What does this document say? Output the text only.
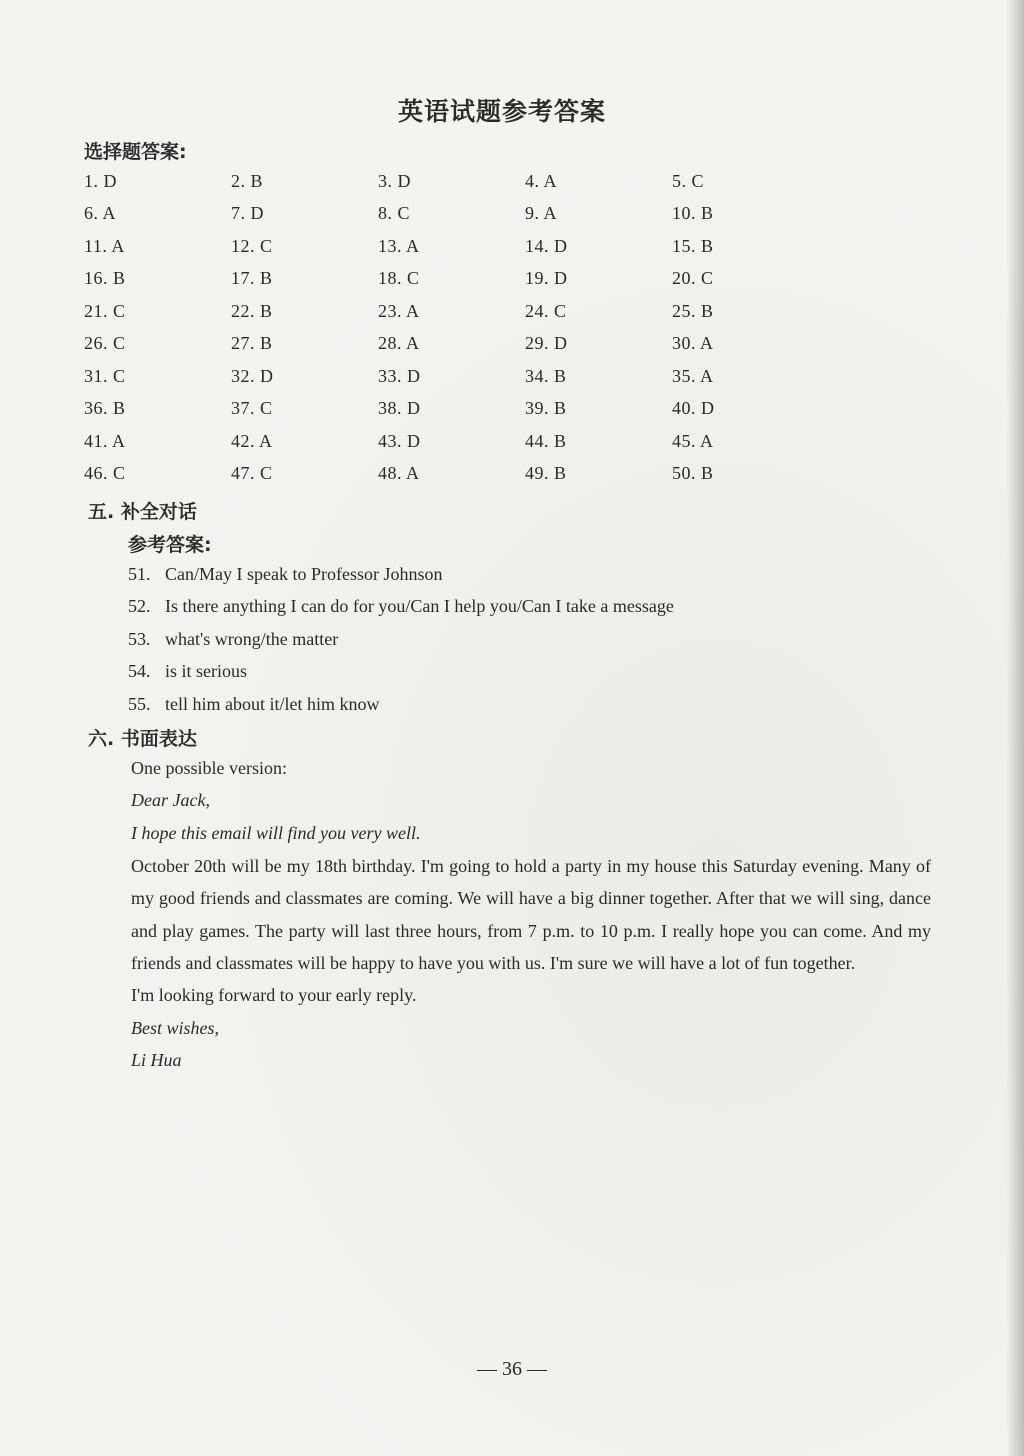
英语试题参考答案
选择题答案:
1. D	2. B	3. D	4. A	5. C
6. A	7. D	8. C	9. A	10. B
11. A	12. C	13. A	14. D	15. B
16. B	17. B	18. C	19. D	20. C
21. C	22. B	23. A	24. C	25. B
26. C	27. B	28. A	29. D	30. A
31. C	32. D	33. D	34. B	35. A
36. B	37. C	38. D	39. B	40. D
41. A	42. A	43. D	44. B	45. A
46. C	47. C	48. A	49. B	50. B
五. 补全对话
参考答案:
51. Can/May I speak to Professor Johnson
52. Is there anything I can do for you/Can I help you/Can I take a message
53. what's wrong/the matter
54. is it serious
55. tell him about it/let him know
六. 书面表达
One possible version:
Dear Jack,
I hope this email will find you very well.

October 20th will be my 18th birthday. I'm going to hold a party in my house this Saturday evening. Many of my good friends and classmates are coming. We will have a big dinner together. After that we will sing, dance and play games. The party will last three hours, from 7 p.m. to 10 p.m. I really hope you can come. And my friends and classmates will be happy to have you with us. I'm sure we will have a lot of fun together.

I'm looking forward to your early reply.
Best wishes,
Li Hua
— 36 —
